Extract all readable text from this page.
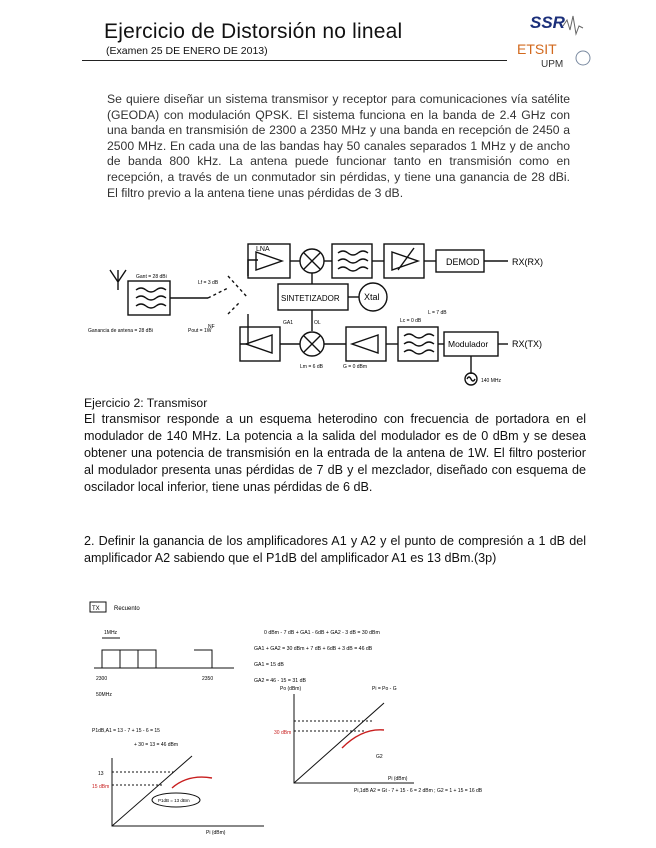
Ejercicio de Distorsión no lineal
(Examen 25 DE ENERO DE 2013)
SSR
ETSIT
UPM
Se quiere diseñar un sistema transmisor y receptor para comunicaciones vía satélite (GEODA) con modulación QPSK. El sistema funciona en la banda de 2.4 GHz con una banda en transmisión de 2300 a 2350 MHz y una banda en recepción de 2450 a 2500 MHz. En cada una de las bandas hay 50 canales separados 1 MHz y de ancho de banda 800 kHz. La antena puede funcionar tanto en transmisión como en recepción, a través de un conmutador sin pérdidas, y tiene una ganancia de 28 dBi. El filtro previo a la antena tiene unas pérdidas de 3 dB.
LNA
DEMOD	RX(RX)
SINTETIZADOR	Xtal
Modulador	RX(TX)
Gant = 28 dBi
Lf = 3 dB
Lc = 0 dB
NF
L = 7 dB
G = 0 dBm
Lm = 6 dB
Pout = 1W
GA1	OL
Ganancia de antena = 28 dBi
140 MHz
Ejercicio 2: Transmisor
El transmisor responde a un esquema heterodino con frecuencia de portadora en el modulador de 140 MHz. La potencia a la salida del modulador es de 0 dBm y se desea obtener una potencia de transmisión en la entrada de la antena de 1W. El filtro posterior al modulador presenta unas pérdidas de 7 dB y el mezclador, diseñado con esquema de oscilador local inferior, tiene unas pérdidas de 6 dB.
2. Definir la ganancia de los amplificadores A1 y A2 y el punto de compresión a 1 dB del amplificador A2 sabiendo que el P1dB del amplificador A1 es 13 dBm.(3p)
TX Recuento
1MHz
2300	2350
50MHz
0 dBm - 7 dB + GA1 - 6dB + GA2 - 3 dB = 30 dBm
GA1 + GA2 = 30 dBm + 7 dB + 6dB + 3 dB = 46 dB
GA1 = 15 dB
GA2 = 46 - 15 = 31 dB
Po (dBm)	Pi = Po - G
30 dBm
G2
Pi (dBm)
Pi,1dB A2 = Gt - 7 + 15 - 6 = 2 dBm ; G2 = 1 + 15 = 16 dB
P1dB,A1 = 13 - 7 + 15 - 6 = 15
+ 30 = 13 = 46 dBm
13
15 dBm
P1dB = 13 dBm
Pi (dBm)
